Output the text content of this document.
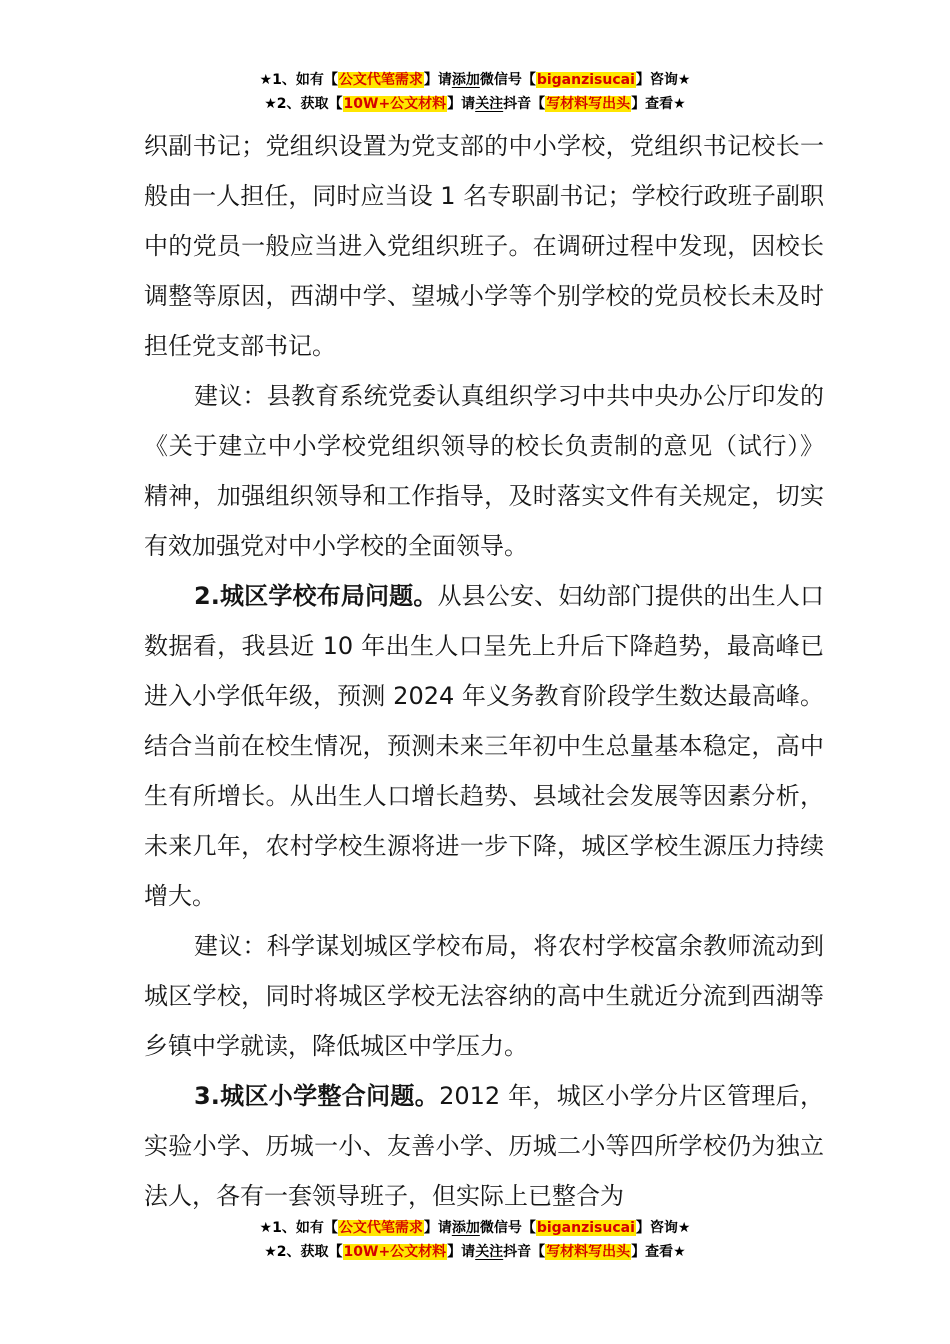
★1、如有【公文代笔需求】请添加微信号【biganzisucai】咨询★
★2、获取【10W+公文材料】请关注抖音【写材料写出头】查看★

织副书记；党组织设置为党支部的中小学校，党组织书记校长一般由一人担任，同时应当设 1 名专职副书记；学校行政班子副职中的党员一般应当进入党组织班子。在调研过程中发现，因校长调整等原因，西湖中学、望城小学等个别学校的党员校长未及时担任党支部书记。

建议：县教育系统党委认真组织学习中共中央办公厅印发的《关于建立中小学校党组织领导的校长负责制的意见（试行）》精神，加强组织领导和工作指导，及时落实文件有关规定，切实有效加强党对中小学校的全面领导。

2.城区学校布局问题。从县公安、妇幼部门提供的出生人口数据看，我县近 10 年出生人口呈先上升后下降趋势，最高峰已进入小学低年级，预测 2024 年义务教育阶段学生数达最高峰。结合当前在校生情况，预测未来三年初中生总量基本稳定，高中生有所增长。从出生人口增长趋势、县域社会发展等因素分析，未来几年，农村学校生源将进一步下降，城区学校生源压力持续增大。

建议：科学谋划城区学校布局，将农村学校富余教师流动到城区学校，同时将城区学校无法容纳的高中生就近分流到西湖等乡镇中学就读，降低城区中学压力。

3.城区小学整合问题。2012 年，城区小学分片区管理后，实验小学、历城一小、友善小学、历城二小等四所学校仍为独立法人，各有一套领导班子，但实际上已整合为

★1、如有【公文代笔需求】请添加微信号【biganzisucai】咨询★
★2、获取【10W+公文材料】请关注抖音【写材料写出头】查看★
